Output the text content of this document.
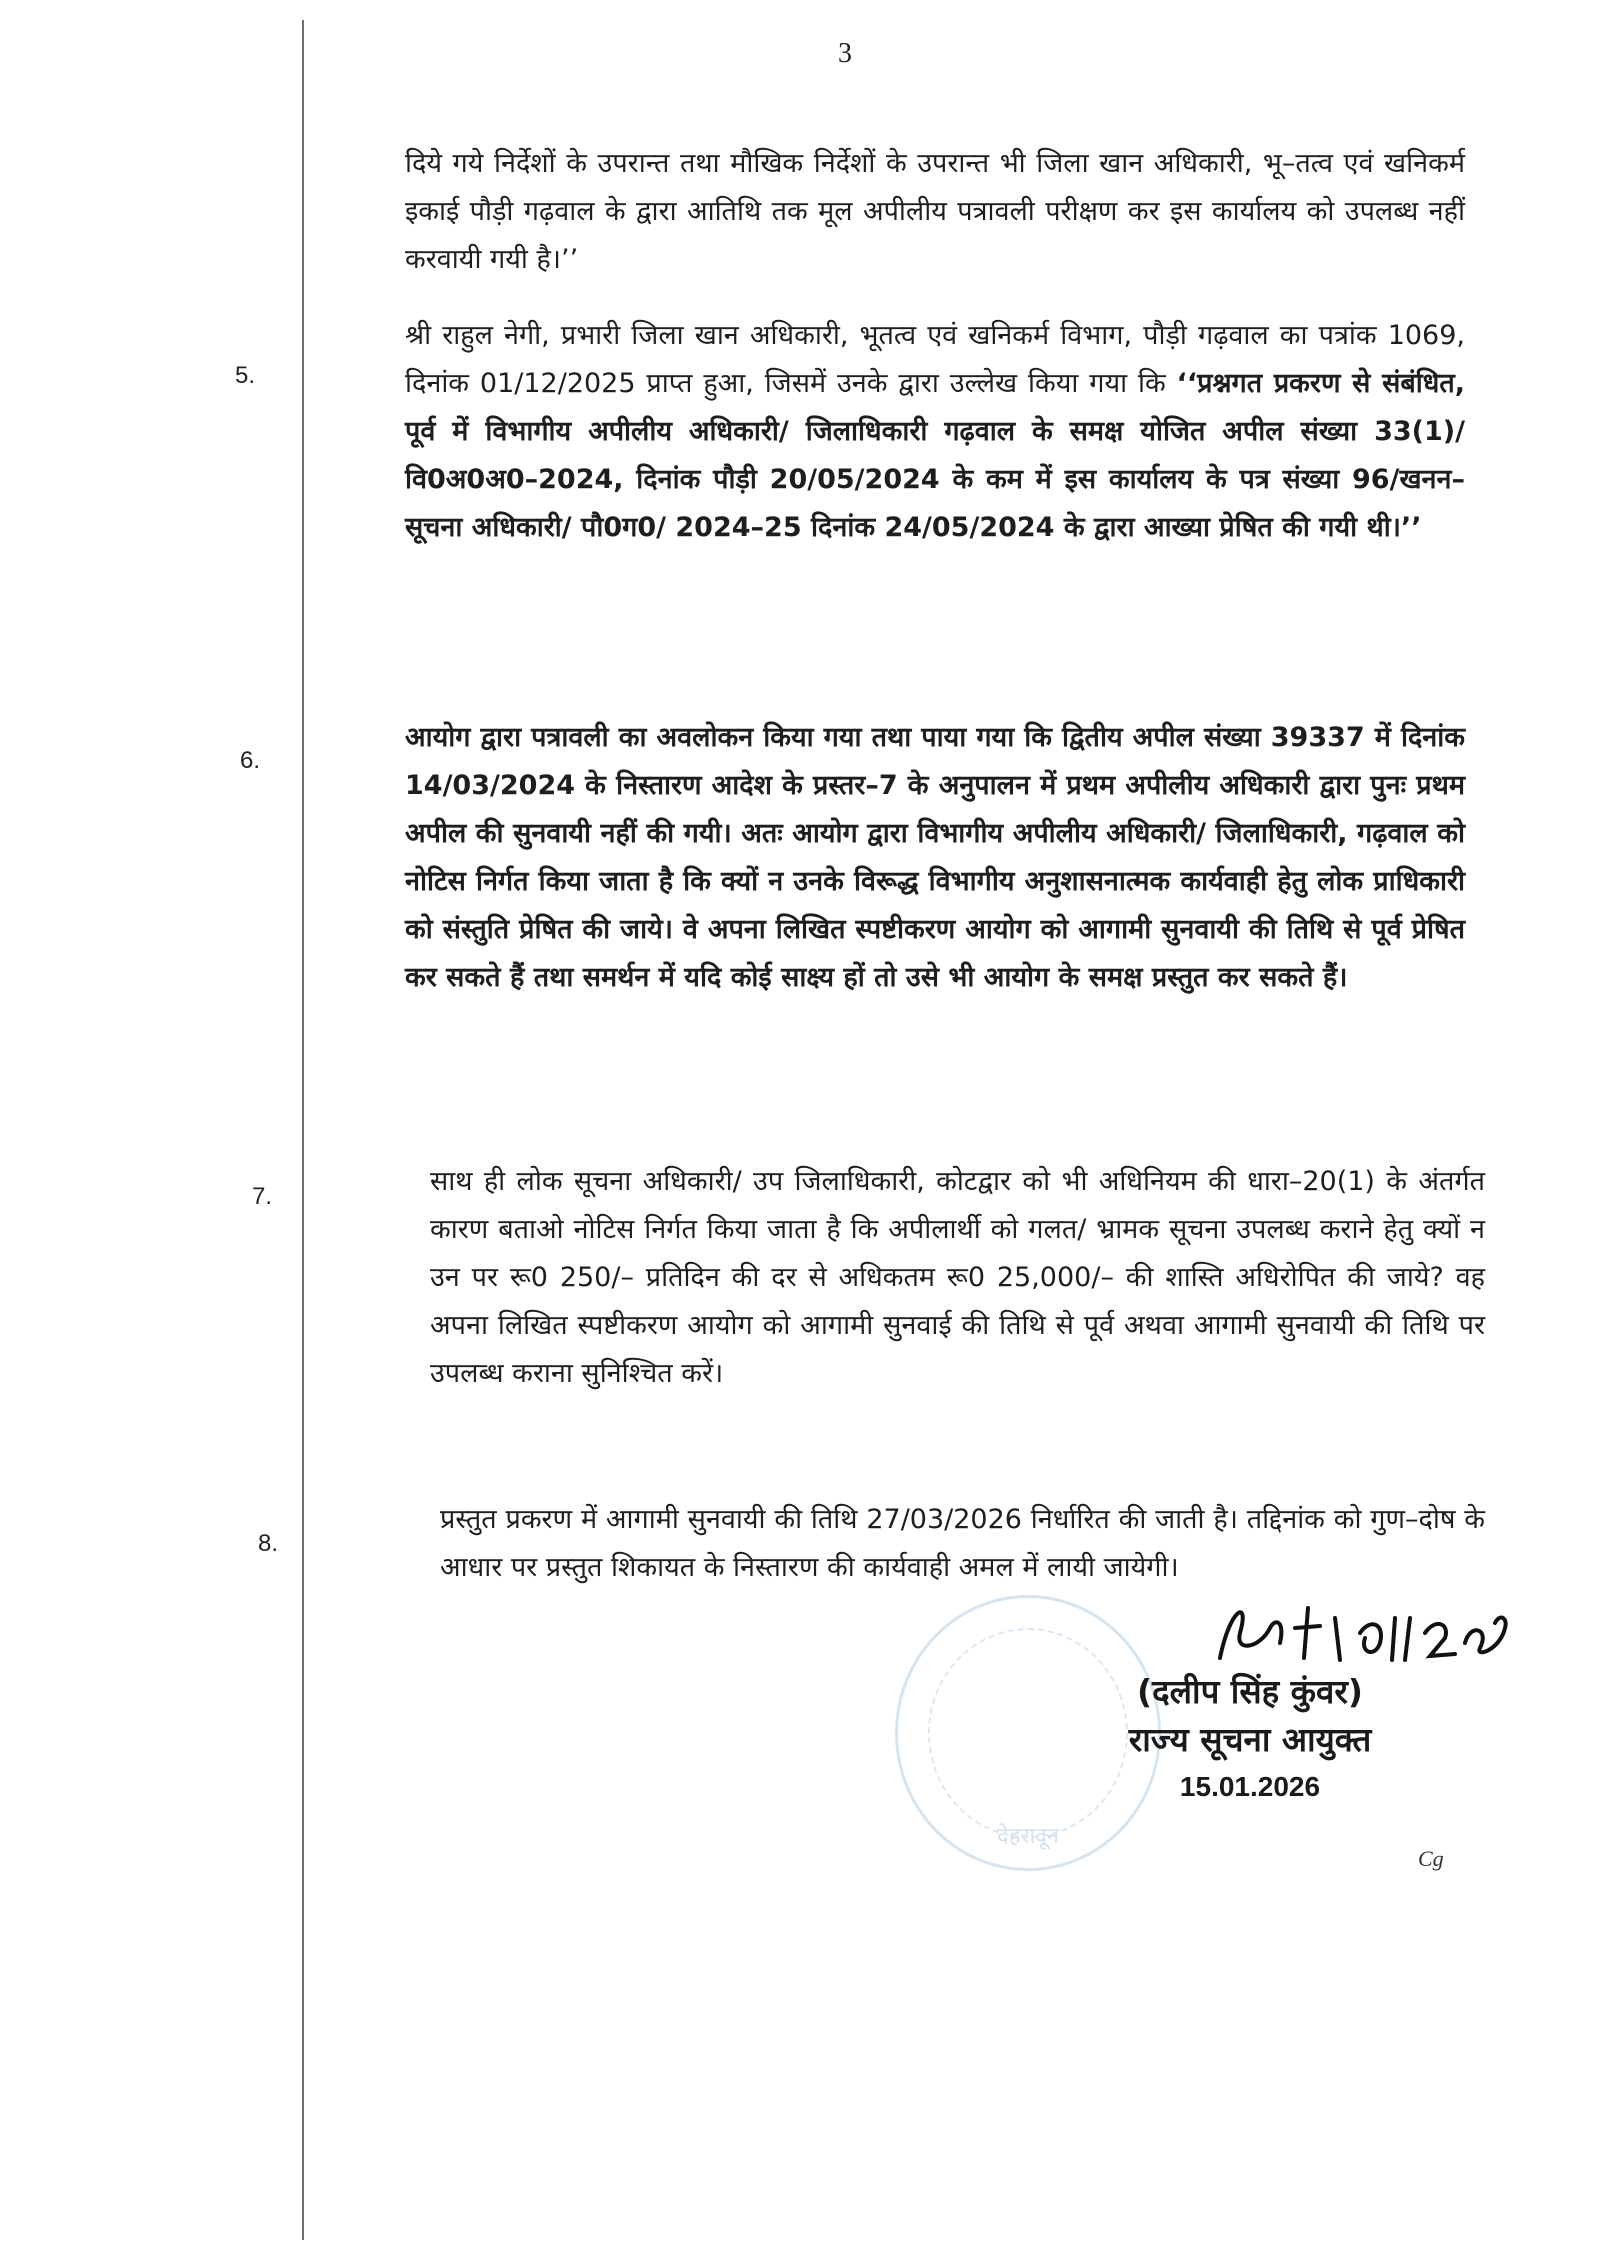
3
दिये गये निर्देशों के उपरान्त तथा मौखिक निर्देशों के उपरान्त भी जिला खान अधिकारी, भू–तत्व एवं खनिकर्म इकाई पौड़ी गढ़वाल के द्वारा आतिथि तक मूल अपीलीय पत्रावली परीक्षण कर इस कार्यालय को उपलब्ध नहीं करवायी गयी है।’’
5.
श्री राहुल नेगी, प्रभारी जिला खान अधिकारी, भूतत्व एवं खनिकर्म विभाग, पौड़ी गढ़वाल का पत्रांक 1069, दिनांक 01/12/2025 प्राप्त हुआ, जिसमें उनके द्वारा उल्लेख किया गया कि ‘‘प्रश्नगत प्रकरण से संबंधित, पूर्व में विभागीय अपीलीय अधिकारी/ जिलाधिकारी गढ़वाल के समक्ष योजित अपील संख्या 33(1)/वि0अ0अ0–2024, दिनांक पौड़ी 20/05/2024 के कम में इस कार्यालय के पत्र संख्या 96/खनन–सूचना अधिकारी/ पौ0ग0/ 2024–25 दिनांक 24/05/2024 के द्वारा आख्या प्रेषित की गयी थी।’’
6.
आयोग द्वारा पत्रावली का अवलोकन किया गया तथा पाया गया कि द्वितीय अपील संख्या 39337 में दिनांक 14/03/2024 के निस्तारण आदेश के प्रस्तर–7 के अनुपालन में प्रथम अपीलीय अधिकारी द्वारा पुनः प्रथम अपील की सुनवायी नहीं की गयी। अतः आयोग द्वारा विभागीय अपीलीय अधिकारी/ जिलाधिकारी, गढ़वाल को नोटिस निर्गत किया जाता है कि क्यों न उनके विरूद्ध विभागीय अनुशासनात्मक कार्यवाही हेतु लोक प्राधिकारी को संस्तुति प्रेषित की जाये। वे अपना लिखित स्पष्टीकरण आयोग को आगामी सुनवायी की तिथि से पूर्व प्रेषित कर सकते हैं तथा समर्थन में यदि कोई साक्ष्य हों तो उसे भी आयोग के समक्ष प्रस्तुत कर सकते हैं।
7.	साथ ही लोक सूचना अधिकारी/ उप जिलाधिकारी, कोटद्वार को भी अधिनियम की धारा–20(1) के अंतर्गत कारण बताओ नोटिस निर्गत किया जाता है कि अपीलार्थी को गलत/ भ्रामक सूचना उपलब्ध कराने हेतु क्यों न उन पर रू0 250/– प्रतिदिन की दर से अधिकतम रू0 25,000/– की शास्ति अधिरोपित की जाये? वह अपना लिखित स्पष्टीकरण आयोग को आगामी सुनवाई की तिथि से पूर्व अथवा आगामी सुनवायी की तिथि पर उपलब्ध कराना सुनिश्चित करें।
8.
प्रस्तुत प्रकरण में आगामी सुनवायी की तिथि 27/03/2026 निर्धारित की जाती है। तद्दिनांक को गुण–दोष के आधार पर प्रस्तुत शिकायत के निस्तारण की कार्यवाही अमल में लायी जायेगी।
देहरादून
(दलीप सिंह कुंवर)
राज्य सूचना आयुक्त
15.01.2026
Cg
